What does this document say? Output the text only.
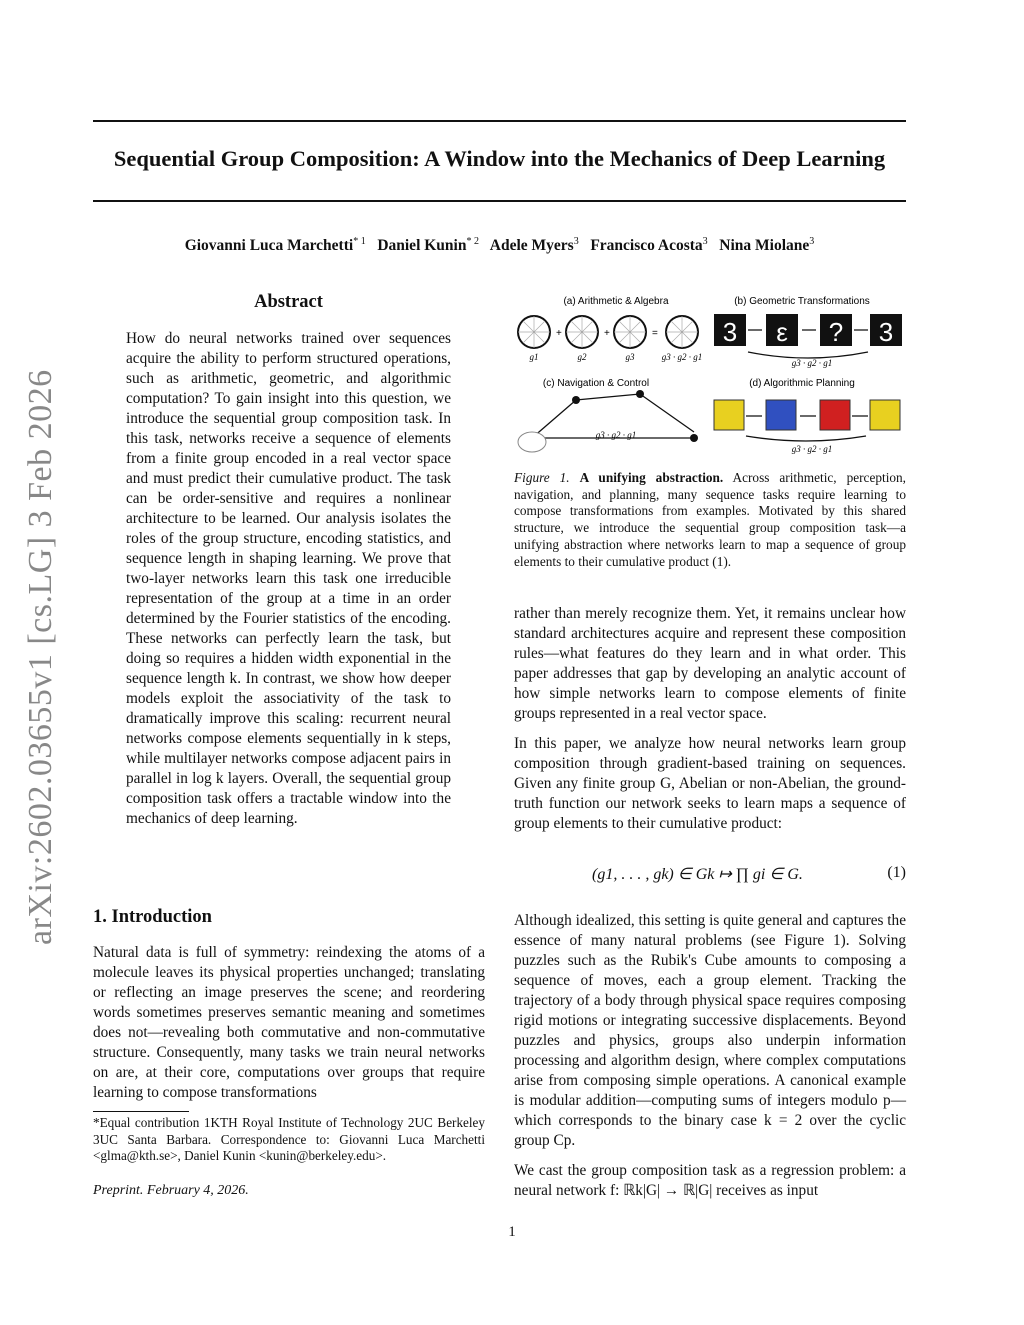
arXiv:2602.03655v1 [cs.LG] 3 Feb 2026
Sequential Group Composition: A Window into the Mechanics of Deep Learning
Giovanni Luca Marchetti$^{* 1}$ Daniel Kunin$^{* 2}$ Adele Myers$^3$ Francisco Acosta$^3$ Nina Miolane$^3$
Abstract

How do neural networks trained over sequences acquire the ability to perform structured operations, such as arithmetic, geometric, and algorithmic computation? To gain insight into this question, we introduce the sequential group composition task. In this task, networks receive a sequence of elements from a finite group encoded in a real vector space and must predict their cumulative product. The task can be order-sensitive and requires a nonlinear architecture to be learned. Our analysis isolates the roles of the group structure, encoding statistics, and sequence length in shaping learning. We prove that two-layer networks learn this task one irreducible representation of the group at a time in an order determined by the Fourier statistics of the encoding. These networks can perfectly learn the task, but doing so requires a hidden width exponential in the sequence length k. In contrast, we show how deeper models exploit the associativity of the task to dramatically improve this scaling: recurrent neural networks compose elements sequentially in k steps, while multilayer networks compose adjacent pairs in parallel in log k layers. Overall, the sequential group composition task offers a tractable window into the mechanics of deep learning.

1. Introduction

Natural data is full of symmetry: reindexing the atoms of a molecule leaves its physical properties unchanged; translating or reflecting an image preserves the scene; and reordering words sometimes preserves semantic meaning and sometimes does not—revealing both commutative and non-commutative structure. Consequently, many tasks we train neural networks on are, at their core, computations over groups that require learning to compose transformations

*Equal contribution 1KTH Royal Institute of Technology 2UC Berkeley 3UC Santa Barbara. Correspondence to: Giovanni Luca Marchetti <glma@kth.se>, Daniel Kunin <kunin@berkeley.edu>.
Preprint. February 4, 2026.
(a) Arithmetic & Algebra	(b) Geometric Transformations
(c) Navigation & Control	(d) Algorithmic Planning
+	+	=
g1	g2	g3	g3 · g2 · g1
g3 · g2 · g1
g3 · g2 · g1
g3 · g2 · g1
3
ε
3	?
Figure 1. A unifying abstraction. Across arithmetic, perception, navigation, and planning, many sequence tasks require learning to compose transformations from examples. Motivated by this shared structure, we introduce the sequential group composition task—a unifying abstraction where networks learn to map a sequence of group elements to their cumulative product (1).

rather than merely recognize them. Yet, it remains unclear how standard architectures acquire and represent these composition rules—what features do they learn and in what order. This paper addresses that gap by developing an analytic account of how simple networks learn to compose elements of finite groups represented in a real vector space.

In this paper, we analyze how neural networks learn group composition through gradient-based training on sequences. Given any finite group G, Abelian or non-Abelian, the ground-truth function our network seeks to learn maps a sequence of group elements to their cumulative product:

(g1, . . . , gk) ∈ Gk ↦ ∏ gi ∈ G.	(1)

Although idealized, this setting is quite general and captures the essence of many natural problems (see Figure 1). Solving puzzles such as the Rubik's Cube amounts to composing a sequence of moves, each a group element. Tracking the trajectory of a body through physical space requires composing rigid motions or integrating successive displacements. Beyond puzzles and physics, groups also underpin information processing and algorithm design, where complex computations arise from composing simple operations. A canonical example is modular addition—computing sums of integers modulo p—which corresponds to the binary case k = 2 over the cyclic group Cp.

We cast the group composition task as a regression problem: a neural network f: ℝk|G| → ℝ|G| receives as input

1
